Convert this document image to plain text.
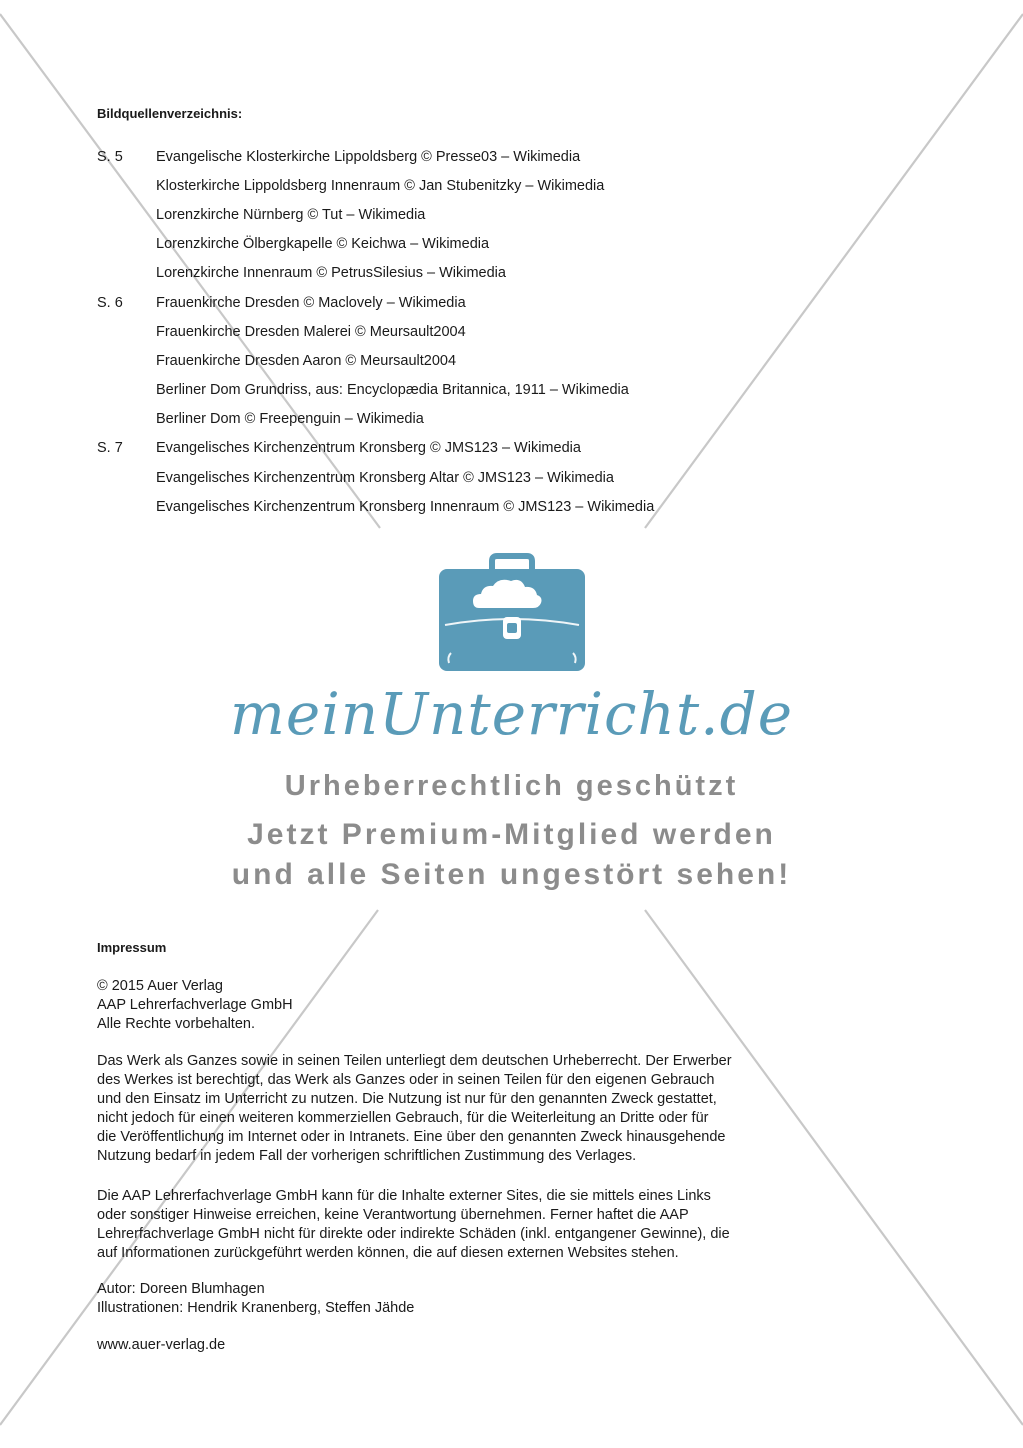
Bildquellenverzeichnis:
S. 5	Evangelische Klosterkirche Lippoldsberg © Presse03 – Wikimedia
Klosterkirche Lippoldsberg Innenraum © Jan Stubenitzky – Wikimedia
Lorenzkirche Nürnberg © Tut – Wikimedia
Lorenzkirche Ölbergkapelle © Keichwa – Wikimedia
Lorenzkirche Innenraum © PetrusSilesius – Wikimedia
S. 6	Frauenkirche Dresden © Maclovely – Wikimedia
Frauenkirche Dresden Malerei © Meursault2004
Frauenkirche Dresden Aaron © Meursault2004
Berliner Dom Grundriss, aus: Encyclopædia Britannica, 1911 – Wikimedia
Berliner Dom © Freepenguin – Wikimedia
S. 7	Evangelisches Kirchenzentrum Kronsberg © JMS123 – Wikimedia
Evangelisches Kirchenzentrum Kronsberg Altar © JMS123 – Wikimedia
Evangelisches Kirchenzentrum Kronsberg Innenraum © JMS123 – Wikimedia
meinUnterricht.de
Urheberrechtlich geschützt
Jetzt Premium-Mitglied werden
und alle Seiten ungestört sehen!
Impressum

© 2015 Auer Verlag
AAP Lehrerfachverlage GmbH
Alle Rechte vorbehalten.

Das Werk als Ganzes sowie in seinen Teilen unterliegt dem deutschen Urheberrecht. Der Erwerber
des Werkes ist berechtigt, das Werk als Ganzes oder in seinen Teilen für den eigenen Gebrauch
und den Einsatz im Unterricht zu nutzen. Die Nutzung ist nur für den genannten Zweck gestattet,
nicht jedoch für einen weiteren kommerziellen Gebrauch, für die Weiterleitung an Dritte oder für
die Veröffentlichung im Internet oder in Intranets. Eine über den genannten Zweck hinausgehende
Nutzung bedarf in jedem Fall der vorherigen schriftlichen Zustimmung des Verlages.

Die AAP Lehrerfachverlage GmbH kann für die Inhalte externer Sites, die sie mittels eines Links
oder sonstiger Hinweise erreichen, keine Verantwortung übernehmen. Ferner haftet die AAP
Lehrerfachverlage GmbH nicht für direkte oder indirekte Schäden (inkl. entgangener Gewinne), die
auf Informationen zurückgeführt werden können, die auf diesen externen Websites stehen.

Autor: Doreen Blumhagen
Illustrationen: Hendrik Kranenberg, Steffen Jähde

www.auer-verlag.de
